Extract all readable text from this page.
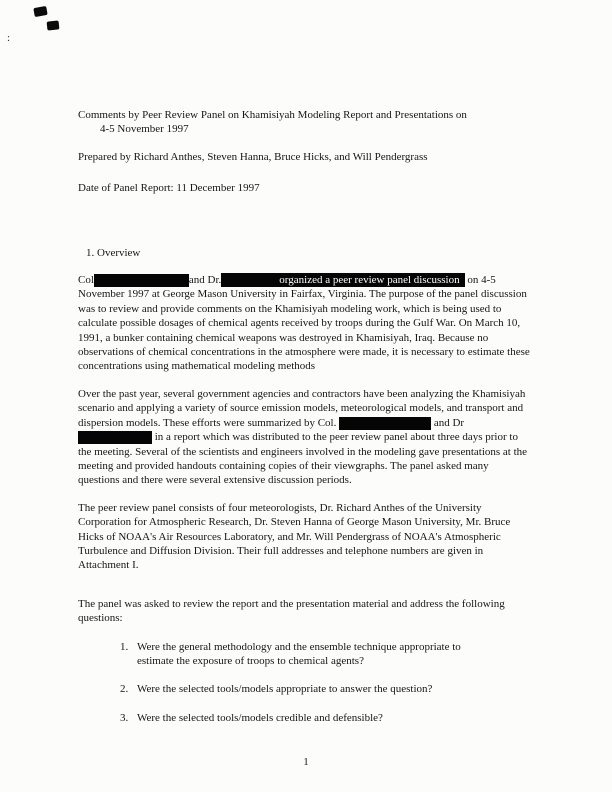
:
Comments by Peer Review Panel on Khamisiyah Modeling Report and Presentations on
4-5 November 1997

Prepared by Richard Anthes, Steven Hanna, Bruce Hicks, and Will Pendergrass

Date of Panel Report: 11 December 1997

1. Overview

Col	and Dr.	organized a peer review panel discussion on 4-5 November 1997 at George Mason University in Fairfax, Virginia. The purpose of the panel discussion was to review and provide comments on the Khamisiyah modeling work, which is being used to calculate possible dosages of chemical agents received by troops during the Gulf War. On March 10, 1991, a bunker containing chemical weapons was destroyed in Khamisiyah, Iraq. Because no observations of chemical concentrations in the atmosphere were made, it is necessary to estimate these concentrations using mathematical modeling methods

Over the past year, several government agencies and contractors have been analyzing the Khamisiyah scenario and applying a variety of source emission models, meteorological models, and transport and dispersion models. These efforts were summarized by Col.	and Dr  in a report which was distributed to the peer review panel about three days prior to the meeting. Several of the scientists and engineers involved in the modeling gave presentations at the meeting and provided handouts containing copies of their viewgraphs. The panel asked many questions and there were several extensive discussion periods.

The peer review panel consists of four meteorologists, Dr. Richard Anthes of the University Corporation for Atmospheric Research, Dr. Steven Hanna of George Mason University, Mr. Bruce Hicks of NOAA's Air Resources Laboratory, and Mr. Will Pendergrass of NOAA's Atmospheric Turbulence and Diffusion Division. Their full addresses and telephone numbers are given in Attachment I.

The panel was asked to review the report and the presentation material and address the following questions:

1. Were the general methodology and the ensemble technique appropriate to estimate the exposure of troops to chemical agents?
2. Were the selected tools/models appropriate to answer the question?
3. Were the selected tools/models credible and defensible?
1
